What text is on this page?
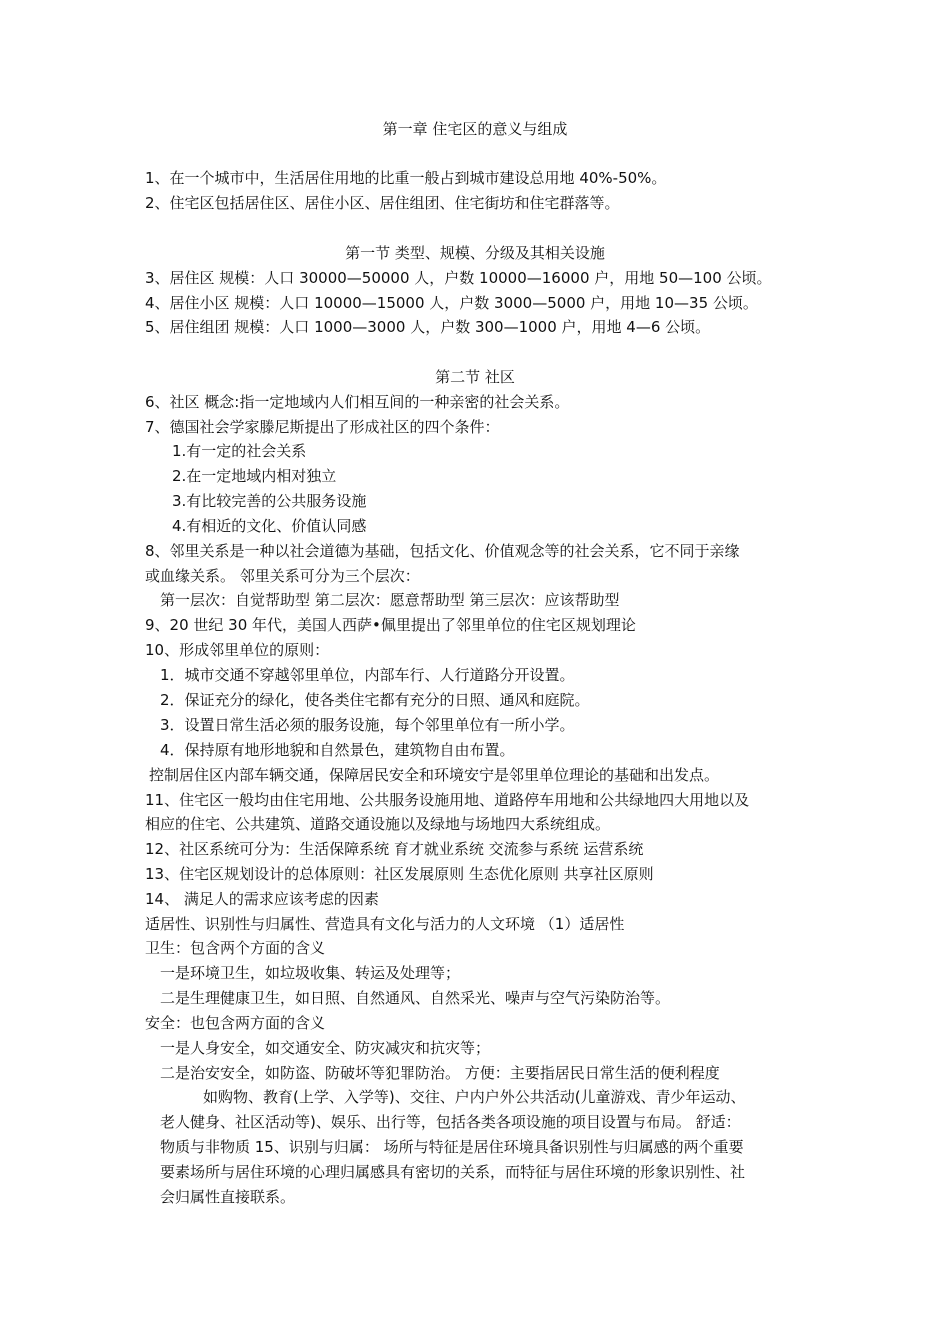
第一章 住宅区的意义与组成
1、在一个城市中，生活居住用地的比重一般占到城市建设总用地 40%-50%。
2、住宅区包括居住区、居住小区、居住组团、住宅街坊和住宅群落等。
第一节 类型、规模、分级及其相关设施
3、居住区 规模：人口 30000—50000 人，户数 10000—16000 户，用地 50—100 公顷。
4、居住小区 规模：人口 10000—15000 人，户数 3000—5000 户，用地 10—35 公顷。
5、居住组团 规模：人口 1000—3000 人，户数 300—1000 户，用地 4—6 公顷。
第二节 社区
6、社区 概念:指一定地域内人们相互间的一种亲密的社会关系。
7、德国社会学家滕尼斯提出了形成社区的四个条件：
1.有一定的社会关系
2.在一定地域内相对独立
3.有比较完善的公共服务设施
4.有相近的文化、价值认同感
8、邻里关系是一种以社会道德为基础，包括文化、价值观念等的社会关系，它不同于亲缘
或血缘关系。 邻里关系可分为三个层次：
第一层次：自觉帮助型 第二层次：愿意帮助型 第三层次：应该帮助型
9、20 世纪 30 年代，美国人西萨•佩里提出了邻里单位的住宅区规划理论
10、形成邻里单位的原则：
1．城市交通不穿越邻里单位，内部车行、人行道路分开设置。
2．保证充分的绿化，使各类住宅都有充分的日照、通风和庭院。
3．设置日常生活必须的服务设施，每个邻里单位有一所小学。
4．保持原有地形地貌和自然景色，建筑物自由布置。
控制居住区内部车辆交通，保障居民安全和环境安宁是邻里单位理论的基础和出发点。
11、住宅区一般均由住宅用地、公共服务设施用地、道路停车用地和公共绿地四大用地以及
相应的住宅、公共建筑、道路交通设施以及绿地与场地四大系统组成。
12、社区系统可分为：生活保障系统 育才就业系统 交流参与系统 运营系统
13、住宅区规划设计的总体原则：社区发展原则 生态优化原则 共享社区原则
14、 满足人的需求应该考虑的因素
适居性、识别性与归属性、营造具有文化与活力的人文环境 （1）适居性
卫生：包含两个方面的含义
一是环境卫生，如垃圾收集、转运及处理等；
二是生理健康卫生，如日照、自然通风、自然采光、噪声与空气污染防治等。
安全：也包含两方面的含义
一是人身安全，如交通安全、防灾减灾和抗灾等；
二是治安安全，如防盗、防破坏等犯罪防治。 方便：主要指居民日常生活的便利程度
如购物、教育(上学、入学等)、交往、户内户外公共活动(儿童游戏、青少年运动、
老人健身、社区活动等)、娱乐、出行等，包括各类各项设施的项目设置与布局。 舒适：
物质与非物质 15、识别与归属： 场所与特征是居住环境具备识别性与归属感的两个重要
要素场所与居住环境的心理归属感具有密切的关系，而特征与居住环境的形象识别性、社
会归属性直接联系。
